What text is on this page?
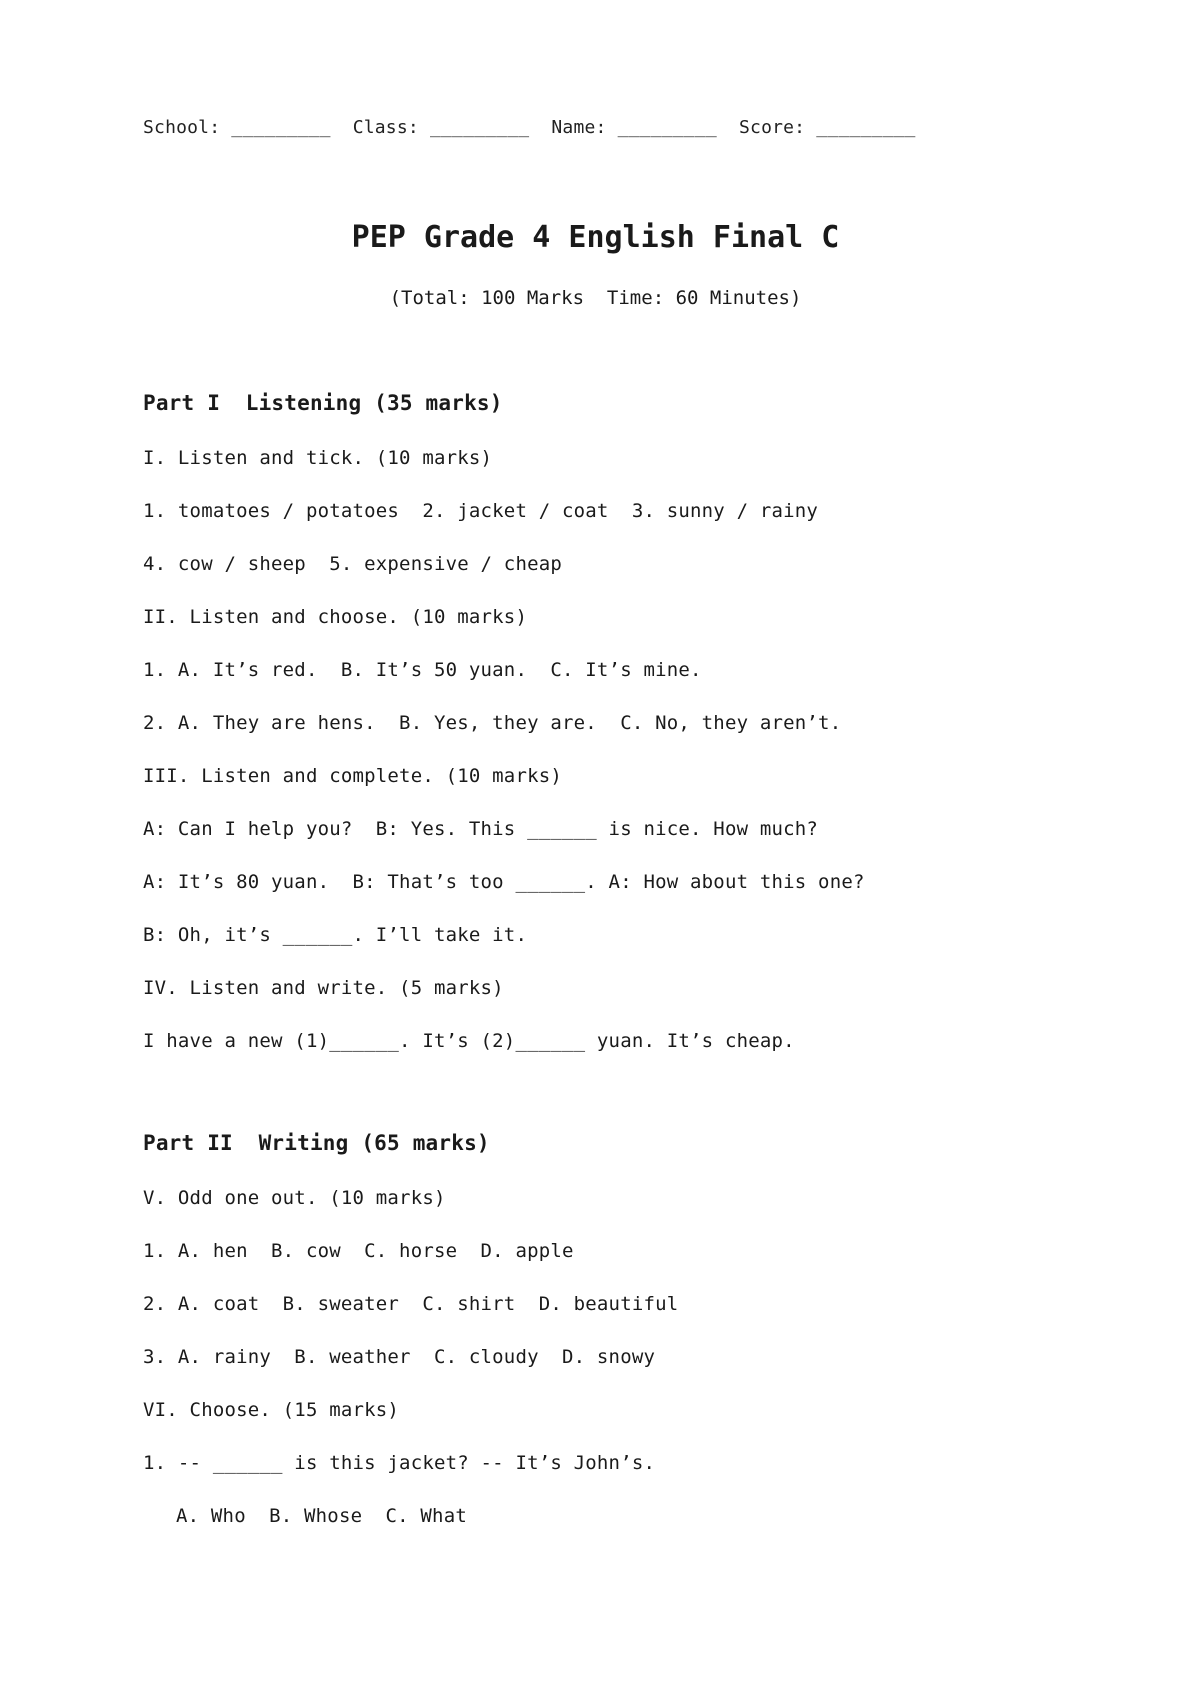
School: _________  Class: _________  Name: _________  Score: _________
PEP Grade 4 English Final C
(Total: 100 Marks  Time: 60 Minutes)
Part I  Listening (35 marks)
I. Listen and tick. (10 marks)
1. tomatoes / potatoes  2. jacket / coat  3. sunny / rainy
4. cow / sheep  5. expensive / cheap
II. Listen and choose. (10 marks)
1. A. It’s red.  B. It’s 50 yuan.  C. It’s mine.
2. A. They are hens.  B. Yes, they are.  C. No, they aren’t.
III. Listen and complete. (10 marks)
A: Can I help you?  B: Yes. This ______ is nice. How much?
A: It’s 80 yuan.  B: That’s too ______. A: How about this one?
B: Oh, it’s ______. I’ll take it.
IV. Listen and write. (5 marks)
I have a new (1)______. It’s (2)______ yuan. It’s cheap.
Part II  Writing (65 marks)
V. Odd one out. (10 marks)
1. A. hen  B. cow  C. horse  D. apple
2. A. coat  B. sweater  C. shirt  D. beautiful
3. A. rainy  B. weather  C. cloudy  D. snowy
VI. Choose. (15 marks)
1. -- ______ is this jacket? -- It’s John’s.
A. Who  B. Whose  C. What
